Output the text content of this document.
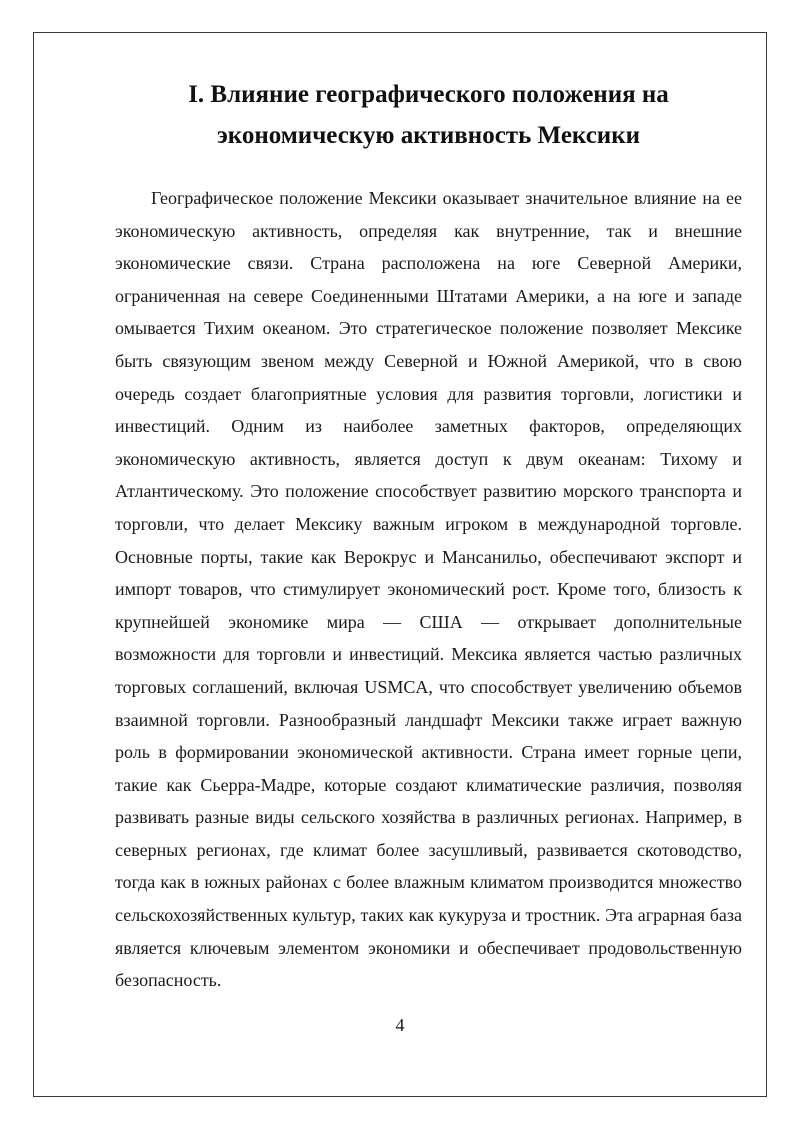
I. Влияние географического положения на
экономическую активность Мексики

Географическое положение Мексики оказывает значительное влияние на ее экономическую активность, определяя как внутренние, так и внешние экономические связи. Страна расположена на юге Северной Америки, ограниченная на севере Соединенными Штатами Америки, а на юге и западе омывается Тихим океаном. Это стратегическое положение позволяет Мексике быть связующим звеном между Северной и Южной Америкой, что в свою очередь создает благоприятные условия для развития торговли, логистики и инвестиций. Одним из наиболее заметных факторов, определяющих экономическую активность, является доступ к двум океанам: Тихому и Атлантическому. Это положение способствует развитию морского транспорта и торговли, что делает Мексику важным игроком в международной торговле. Основные порты, такие как Верокрус и Мансанильо, обеспечивают экспорт и импорт товаров, что стимулирует экономический рост. Кроме того, близость к крупнейшей экономике мира — США — открывает дополнительные возможности для торговли и инвестиций. Мексика является частью различных торговых соглашений, включая USMCA, что способствует увеличению объемов взаимной торговли. Разнообразный ландшафт Мексики также играет важную роль в формировании экономической активности. Страна имеет горные цепи, такие как Сьерра-Мадре, которые создают климатические различия, позволяя развивать разные виды сельского хозяйства в различных регионах. Например, в северных регионах, где климат более засушливый, развивается скотоводство, тогда как в южных районах с более влажным климатом производится множество сельскохозяйственных культур, таких как кукуруза и тростник. Эта аграрная база является ключевым элементом экономики и обеспечивает продовольственную безопасность.

4
